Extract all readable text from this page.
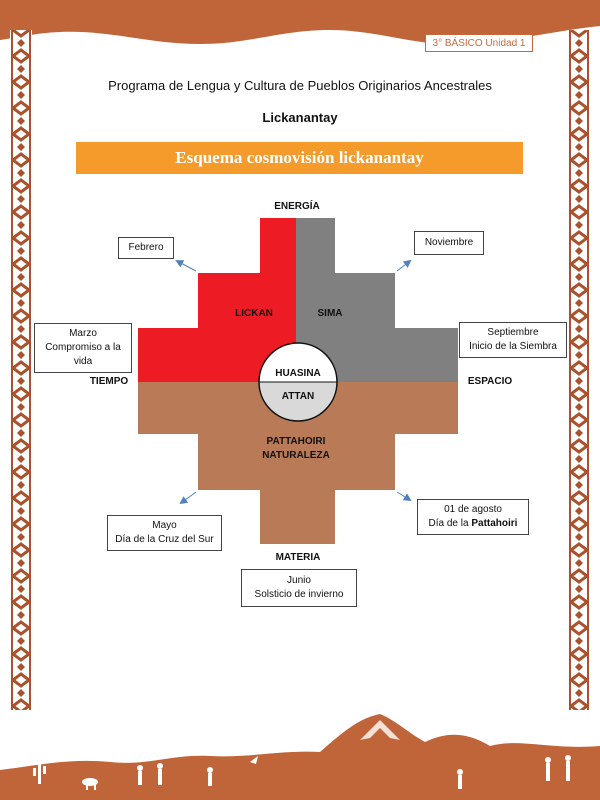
3° BÁSICO Unidad 1
Programa de Lengua y Cultura de Pueblos Originarios Ancestrales
Lickanantay
Esquema cosmovisión lickanantay
LICKAN	SIMA
PATTAHOIRI
NATURALEZA
HUASINA
ATTAN
ENERGÍA
TIEMPO	ESPACIO
MATERIA
Febrero	Noviembre
Marzo
Compromiso a la
vida
Septiembre
Inicio de la Siembra
Mayo
Día de la Cruz del Sur
01 de agosto
Día de la Pattahoiri
Junio
Solsticio de invierno
